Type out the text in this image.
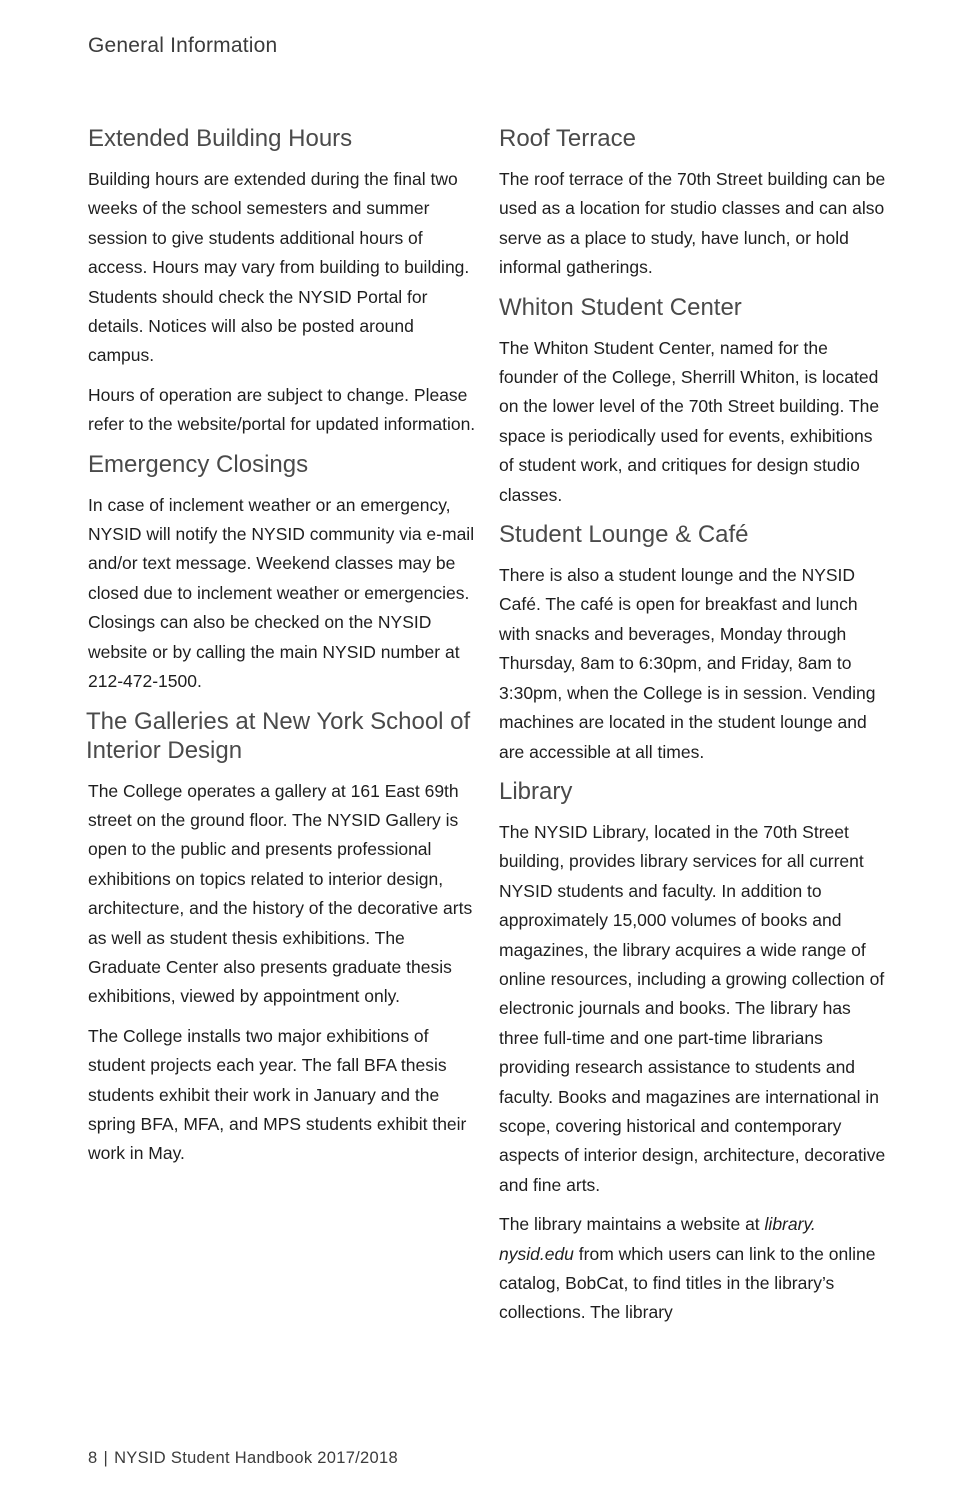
General Information
Extended Building Hours

Building hours are extended during the final two weeks of the school semesters and summer session to give students additional hours of access. Hours may vary from building to building. Students should check the NYSID Portal for details. Notices will also be posted around campus.

Hours of operation are subject to change. Please refer to the website/portal for updated information.

Emergency Closings

In case of inclement weather or an emergency, NYSID will notify the NYSID community via e-mail and/or text message. Weekend classes may be closed due to inclement weather or emergencies. Closings can also be checked on the NYSID website or by calling the main NYSID number at 212-472-1500.

The Galleries at New York School of Interior Design

The College operates a gallery at 161 East 69th street on the ground floor. The NYSID Gallery is open to the public and presents professional exhibitions on topics related to interior design, architecture, and the history of the decorative arts as well as student thesis exhibitions. The Graduate Center also presents graduate thesis exhibitions, viewed by appointment only.

The College installs two major exhibitions of student projects each year. The fall BFA thesis students exhibit their work in January and the spring BFA, MFA, and MPS students exhibit their work in May.

Roof Terrace

The roof terrace of the 70th Street building can be used as a location for studio classes and can also serve as a place to study, have lunch, or hold informal gatherings.

Whiton Student Center

The Whiton Student Center, named for the founder of the College, Sherrill Whiton, is located on the lower level of the 70th Street building. The space is periodically used for events, exhibitions of student work, and critiques for design studio classes.

Student Lounge & Café

There is also a student lounge and the NYSID Café. The café is open for breakfast and lunch with snacks and beverages, Monday through Thursday, 8am to 6:30pm, and Friday, 8am to 3:30pm, when the College is in session. Vending machines are located in the student lounge and are accessible at all times.

Library

The NYSID Library, located in the 70th Street building, provides library services for all current NYSID students and faculty. In addition to approximately 15,000 volumes of books and magazines, the library acquires a wide range of online resources, including a growing collection of electronic journals and books. The library has three full-time and one part-time librarians providing research assistance to students and faculty. Books and magazines are international in scope, covering historical and contemporary aspects of interior design, architecture, decorative and fine arts.

The library maintains a website at library. nysid.edu from which users can link to the online catalog, BobCat, to find titles in the library’s collections. The library

8 | NYSID Student Handbook 2017/2018
